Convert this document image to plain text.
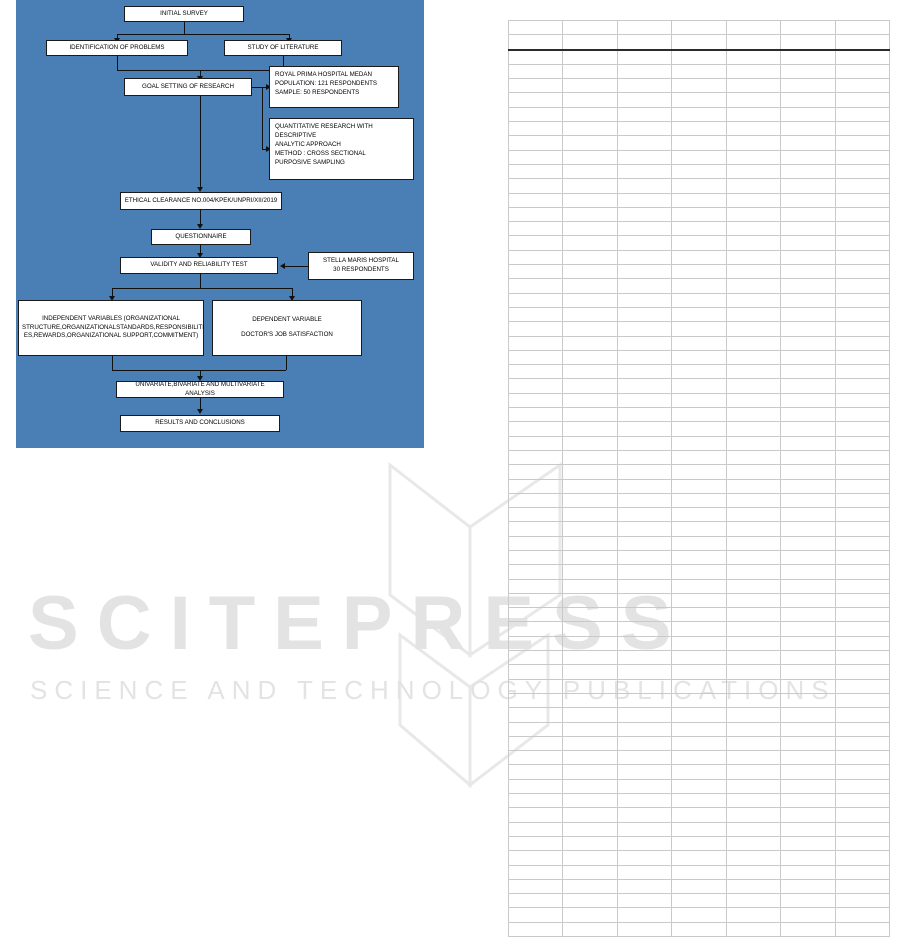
INITIAL SURVEY
IDENTIFICATION OF PROBLEMS	STUDY OF LITERATURE
GOAL SETTING OF RESEARCH
ROYAL PRIMA HOSPITAL MEDAN
POPULATION: 121 RESPONDENTS
SAMPLE: 50 RESPONDENTS
QUANTITATIVE RESEARCH WITH DESCRIPTIVE
ANALYTIC APPROACH
METHOD : CROSS SECTIONAL
PURPOSIVE SAMPLING
ETHICAL CLEARANCE NO.004/KPEK/UNPRI/XII/2019
QUESTIONNAIRE
VALIDITY AND RELIABILITY TEST
STELLA MARIS HOSPITAL
30 RESPONDENTS
INDEPENDENT VARIABLES (ORGANIZATIONAL
STRUCTURE,ORGANIZATIONALSTANDARDS,RESPONSIBILITI
ES,REWARDS,ORGANIZATIONAL SUPPORT,COMMITMENT)
DEPENDENT VARIABLE
DOCTOR'S JOB SATISFACTION
UNIVARIATE,BIVARIATE AND MULTIVARIATE ANALYSIS
RESULTS AND CONCLUSIONS
SCITEPRESS
SCIENCE AND TECHNOLOGY PUBLICATIONS
